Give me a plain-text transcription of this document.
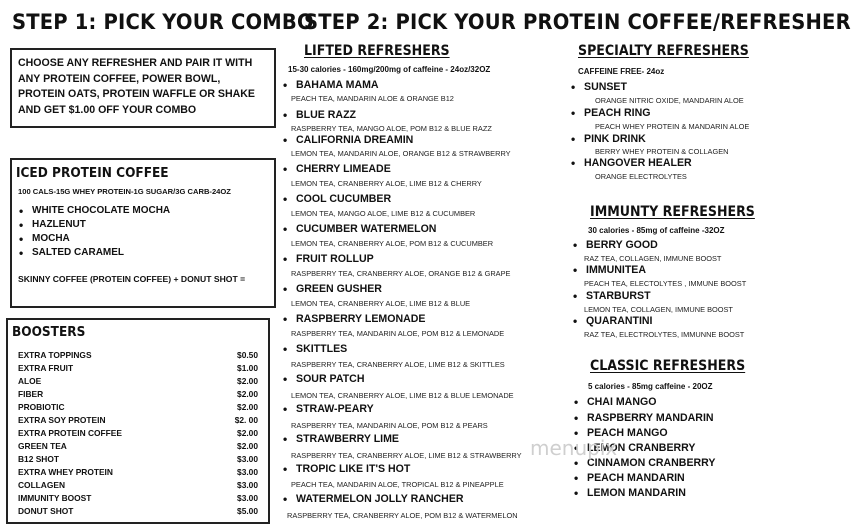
STEP 1: PICK YOUR COMBO
CHOOSE ANY REFRESHER AND PAIR IT WITH ANY PROTEIN COFFEE, POWER BOWL, PROTEIN OATS, PROTEIN WAFFLE OR SHAKE AND GET $1.00 OFF YOUR COMBO
ICED PROTEIN COFFEE
100 CALS-15G WHEY PROTEIN-1G SUGAR/3G CARB-24OZ
• WHITE CHOCOLATE MOCHA
• HAZLENUT
• MOCHA
• SALTED CARAMEL
SKINNY COFFEE (PROTEIN COFFEE) + DONUT SHOT =
BOOSTERS
EXTRA TOPPINGS	$0.50
EXTRA FRUIT	$1.00
ALOE	$2.00
FIBER	$2.00
PROBIOTIC	$2.00
EXTRA SOY PROTEIN	$2. 00
EXTRA PROTEIN COFFEE	$2.00
GREEN TEA	$2.00
B12 SHOT	$3.00
EXTRA WHEY PROTEIN	$3.00
COLLAGEN	$3.00
IMMUNITY BOOST	$3.00
DONUT SHOT	$5.00
STEP 2: PICK YOUR PROTEIN COFFEE/REFRESHER
LIFTED REFRESHERS
15-30 calories - 160mg/200mg of caffeine - 24oz/32OZ
• BAHAMA MAMA
PEACH TEA, MANDARIN ALOE & ORANGE B12
• BLUE RAZZ
RASPBERRY TEA, MANGO ALOE, POM B12 & BLUE RAZZ
• CALIFORNIA DREAMIN
LEMON TEA, MANDARIN ALOE, ORANGE B12 & STRAWBERRY
• CHERRY LIMEADE
LEMON TEA, CRANBERRY ALOE, LIME B12 & CHERRY
• COOL CUCUMBER
LEMON TEA, MANGO ALOE, LIME B12 & CUCUMBER
• CUCUMBER WATERMELON
LEMON TEA, CRANBERRY ALOE, POM B12 & CUCUMBER
• FRUIT ROLLUP
RASPBERRY TEA, CRANBERRY ALOE, ORANGE B12 & GRAPE
• GREEN GUSHER
LEMON TEA, CRANBERRY ALOE, LIME B12 & BLUE
• RASPBERRY LEMONADE
RASPBERRY TEA, MANDARIN ALOE, POM B12 & LEMONADE
• SKITTLES
RASPBERRY TEA, CRANBERRY ALOE, LIME B12 & SKITTLES
• SOUR PATCH
LEMON TEA, CRANBERRY ALOE, LIME B12 & BLUE LEMONADE
• STRAW-PEARY
RASPBERRY TEA, MANDARIN ALOE, POM B12 & PEARS
• STRAWBERRY LIME
RASPBERRY TEA, CRANBERRY ALOE, LIME B12 & STRAWBERRY
• TROPIC LIKE IT'S HOT
PEACH TEA, MANDARIN ALOE, TROPICAL B12 & PINEAPPLE
• WATERMELON JOLLY RANCHER
RASPBERRY TEA, CRANBERRY ALOE, POM B12 & WATERMELON
SPECIALTY REFRESHERS
CAFFEINE FREE- 24oz
• SUNSET
ORANGE NITRIC OXIDE, MANDARIN ALOE
• PEACH RING
PEACH WHEY PROTEIN & MANDARIN ALOE
• PINK DRINK
BERRY WHEY PROTEIN & COLLAGEN
• HANGOVER HEALER
ORANGE ELECTROLYTES
IMMUNTY REFRESHERS
30 calories - 85mg of caffeine -32OZ
• BERRY GOOD
RAZ TEA, COLLAGEN, IMMUNE BOOST
• IMMUNITEA
PEACH TEA, ELECTOLYTES , IMMUNE BOOST
• STARBURST
LEMON TEA, COLLAGEN, IMMUNE BOOST
• QUARANTINI
RAZ TEA, ELECTROLYTES, IMMUNNE BOOST
CLASSIC REFRESHERS
5 calories - 85mg caffeine - 20OZ
• CHAI MANGO
• RASPBERRY MANDARIN
• PEACH MANGO
• LEMON CRANBERRY
• CINNAMON CRANBERRY
• PEACH MANDARIN
• LEMON MANDARIN
menupix
